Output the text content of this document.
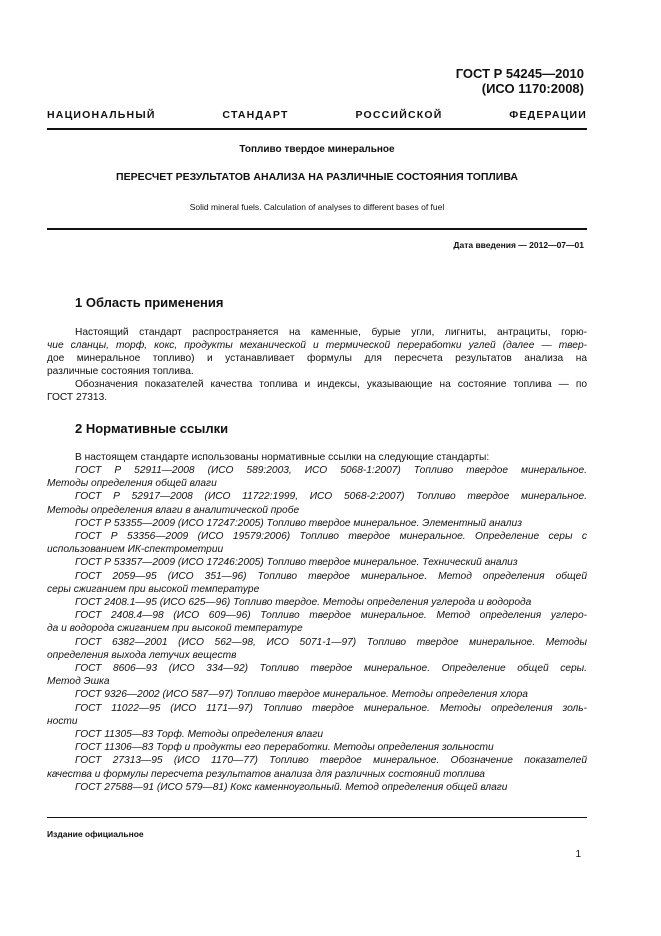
ГОСТ Р 54245—2010
(ИСО 1170:2008)
НАЦИОНАЛЬНЫЙ	СТАНДАРТ	РОССИЙСКОЙ	ФЕДЕРАЦИИ
Топливо твердое минеральное
ПЕРЕСЧЕТ РЕЗУЛЬТАТОВ АНАЛИЗА НА РАЗЛИЧНЫЕ СОСТОЯНИЯ ТОПЛИВА
Solid mineral fuels. Calculation of analyses to different bases of fuel
Дата введения — 2012—07—01
1 Область применения
Настоящий стандарт распространяется на каменные, бурые угли, лигниты, антрациты, горю-
чие сланцы, торф, кокс, продукты механической и термической переработки углей (далее — твер-
дое минеральное топливо) и устанавливает формулы для пересчета результатов анализа на
различные состояния топлива.
Обозначения показателей качества топлива и индексы, указывающие на состояние топлива — по
ГОСТ 27313.
2 Нормативные ссылки
В настоящем стандарте использованы нормативные ссылки на следующие стандарты:
ГОСТ Р 52911—2008 (ИСО 589:2003, ИСО 5068-1:2007) Топливо твердое минеральное.
Методы определения общей влаги
ГОСТ Р 52917—2008 (ИСО 11722:1999, ИСО 5068-2:2007) Топливо твердое минеральное.
Методы определения влаги в аналитической пробе
ГОСТ Р 53355—2009 (ИСО 17247:2005) Топливо твердое минеральное. Элементный анализ
ГОСТ Р 53356—2009 (ИСО 19579:2006) Топливо твердое минеральное. Определение серы с
использованием ИК-спектрометрии
ГОСТ Р 53357—2009 (ИСО 17246:2005) Топливо твердое минеральное. Технический анализ
ГОСТ 2059—95 (ИСО 351—96) Топливо твердое минеральное. Метод определения общей
серы сжиганием при высокой температуре
ГОСТ 2408.1—95 (ИСО 625—96) Топливо твердое. Методы определения углерода и водорода
ГОСТ 2408.4—98 (ИСО 609—96) Топливо твердое минеральное. Метод определения углеро-
да и водорода сжиганием при высокой температуре
ГОСТ 6382—2001 (ИСО 562—98, ИСО 5071-1—97) Топливо твердое минеральное. Методы
определения выхода летучих веществ
ГОСТ 8606—93 (ИСО 334—92) Топливо твердое минеральное. Определение общей серы.
Метод Эшка
ГОСТ 9326—2002 (ИСО 587—97) Топливо твердое минеральное. Методы определения хлора
ГОСТ 11022—95 (ИСО 1171—97) Топливо твердое минеральное. Методы определения золь-
ности
ГОСТ 11305—83 Торф. Методы определения влаги
ГОСТ 11306—83 Торф и продукты его переработки. Методы определения зольности
ГОСТ 27313—95 (ИСО 1170—77) Топливо твердое минеральное. Обозначение показателей
качества и формулы пересчета результатов анализа для различных состояний топлива
ГОСТ 27588—91 (ИСО 579—81) Кокс каменноугольный. Метод определения общей влаги
Издание официальное
1
